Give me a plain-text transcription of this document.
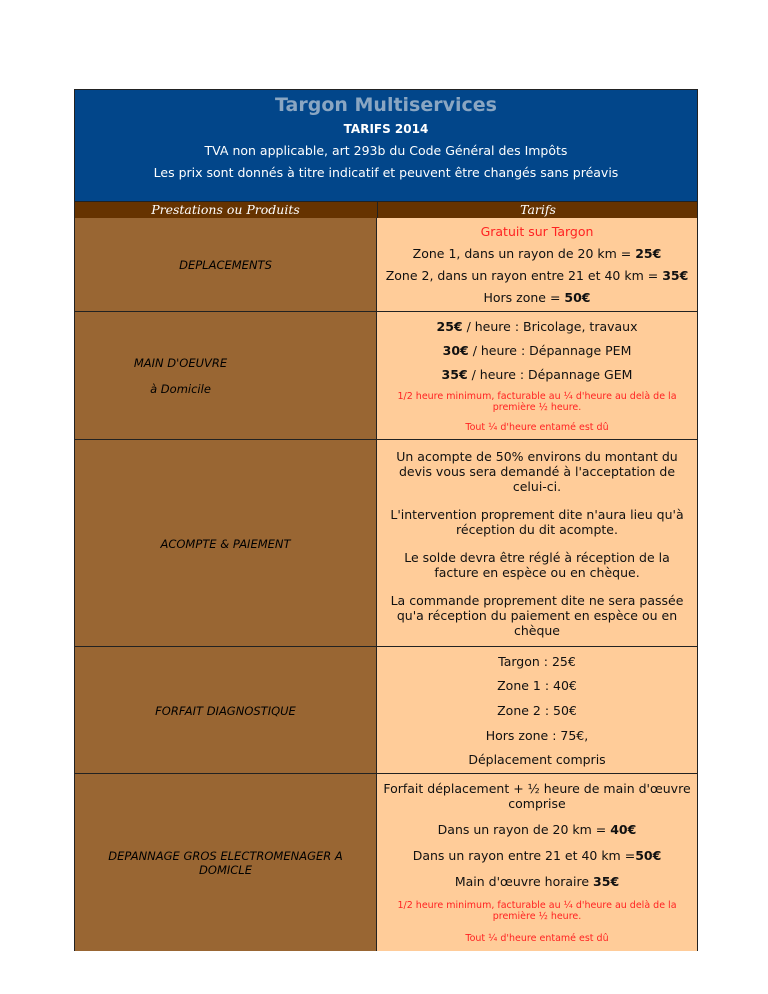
Targon Multiservices
TARIFS 2014
TVA non applicable, art 293b du Code Général des Impôts
Les prix sont donnés à titre indicatif et peuvent être changés sans préavis
Prestations ou Produits	Tarifs
DEPLACEMENTS
Gratuit sur Targon
Zone 1, dans un rayon de 20 km = 25€
Zone 2, dans un rayon entre 21 et 40 km = 35€
Hors zone = 50€
MAIN D'OEUVRE
à Domicile
25€ / heure : Bricolage, travaux
30€ / heure : Dépannage PEM
35€ / heure : Dépannage GEM
1/2 heure minimum, facturable au ¼ d'heure au delà de la première ½ heure.
Tout ¼ d'heure entamé est dû
ACOMPTE & PAIEMENT
Un acompte de 50% environs du montant du devis vous sera demandé à l'acceptation de celui-ci.
L'intervention proprement dite n'aura lieu qu'à réception du dit acompte.
Le solde devra être réglé à réception de la facture en espèce ou en chèque.
La commande proprement dite ne sera passée qu'a réception du paiement en espèce ou en chèque
FORFAIT DIAGNOSTIQUE
Targon : 25€
Zone 1 : 40€
Zone 2 : 50€
Hors zone : 75€,
Déplacement compris
DEPANNAGE GROS ELECTROMENAGER A DOMICLE
Forfait déplacement + ½ heure de main d'œuvre comprise
Dans un rayon de 20 km = 40€
Dans un rayon entre 21 et 40 km =50€
Main d'œuvre horaire 35€
1/2 heure minimum, facturable au ¼ d'heure au delà de la première ½ heure.
Tout ¼ d'heure entamé est dû
